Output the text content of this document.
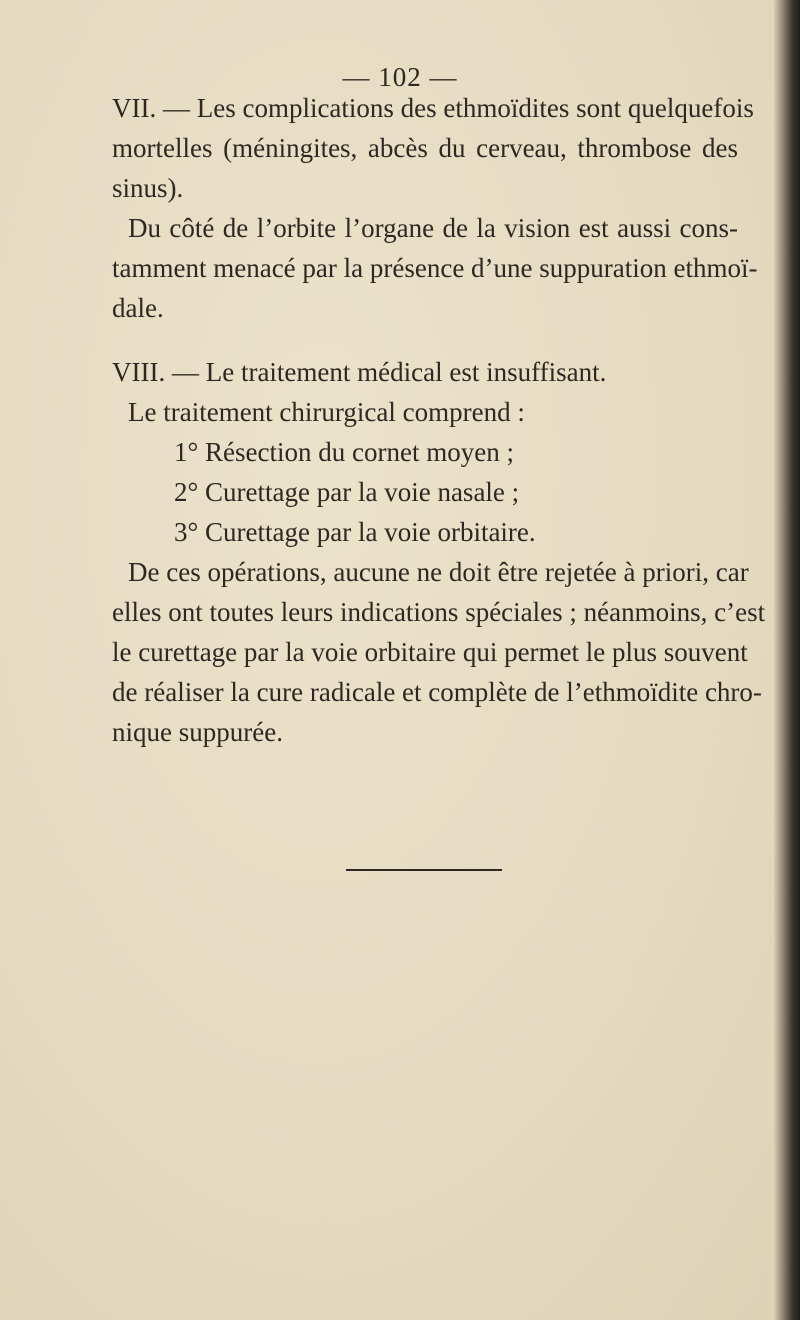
— 102 —
VII. — Les complications des ethmoïdites sont quelquefois
mortelles (méningites, abcès du cerveau, thrombose des
sinus).
Du côté de l’orbite l’organe de la vision est aussi cons-
tamment menacé par la présence d’une suppuration ethmoï-
dale.
VIII. — Le traitement médical est insuffisant.
Le traitement chirurgical comprend :
1° Résection du cornet moyen ;
2° Curettage par la voie nasale ;
3° Curettage par la voie orbitaire.
De ces opérations, aucune ne doit être rejetée à priori, car
elles ont toutes leurs indications spéciales ; néanmoins, c’est
le curettage par la voie orbitaire qui permet le plus souvent
de réaliser la cure radicale et complète de l’ethmoïdite chro-
nique suppurée.
